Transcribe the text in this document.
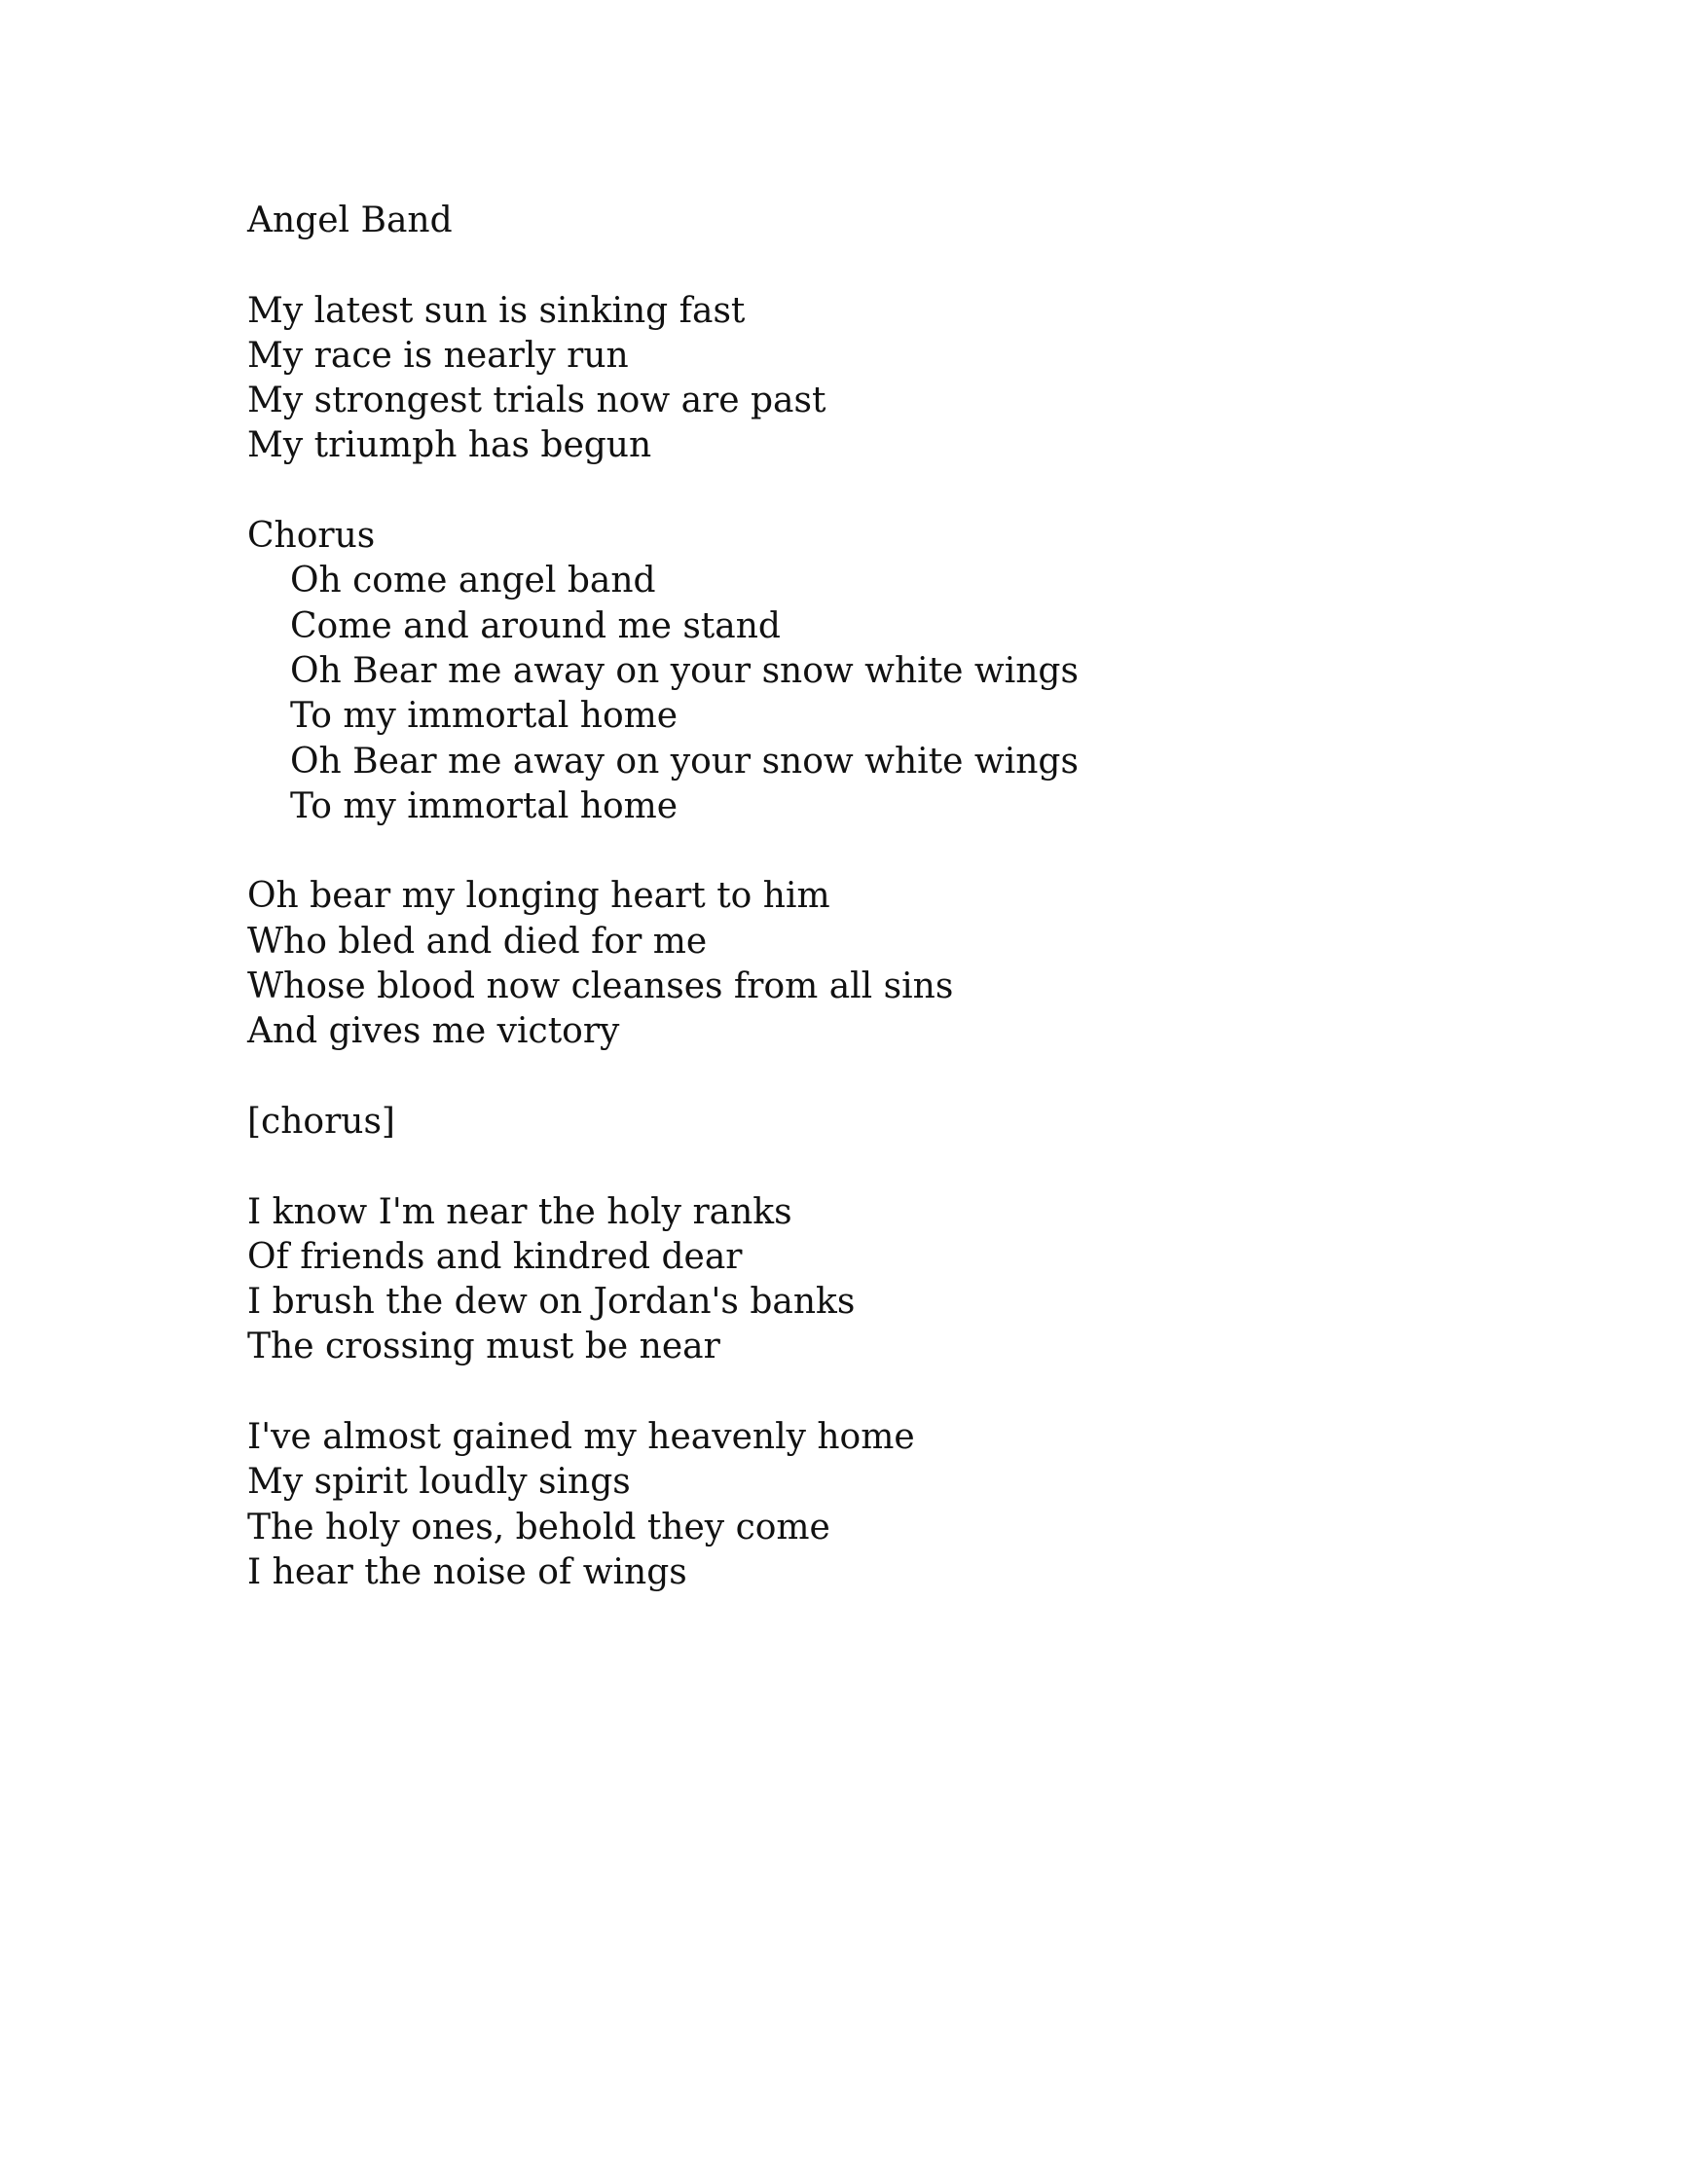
Angel Band
My latest sun is sinking fast
My race is nearly run
My strongest trials now are past
My triumph has begun
Chorus
Oh come angel band
Come and around me stand
Oh Bear me away on your snow white wings
To my immortal home
Oh Bear me away on your snow white wings
To my immortal home
Oh bear my longing heart to him
Who bled and died for me
Whose blood now cleanses from all sins
And gives me victory
[chorus]
I know I'm near the holy ranks
Of friends and kindred dear
I brush the dew on Jordan's banks
The crossing must be near
I've almost gained my heavenly home
My spirit loudly sings
The holy ones, behold they come
I hear the noise of wings
